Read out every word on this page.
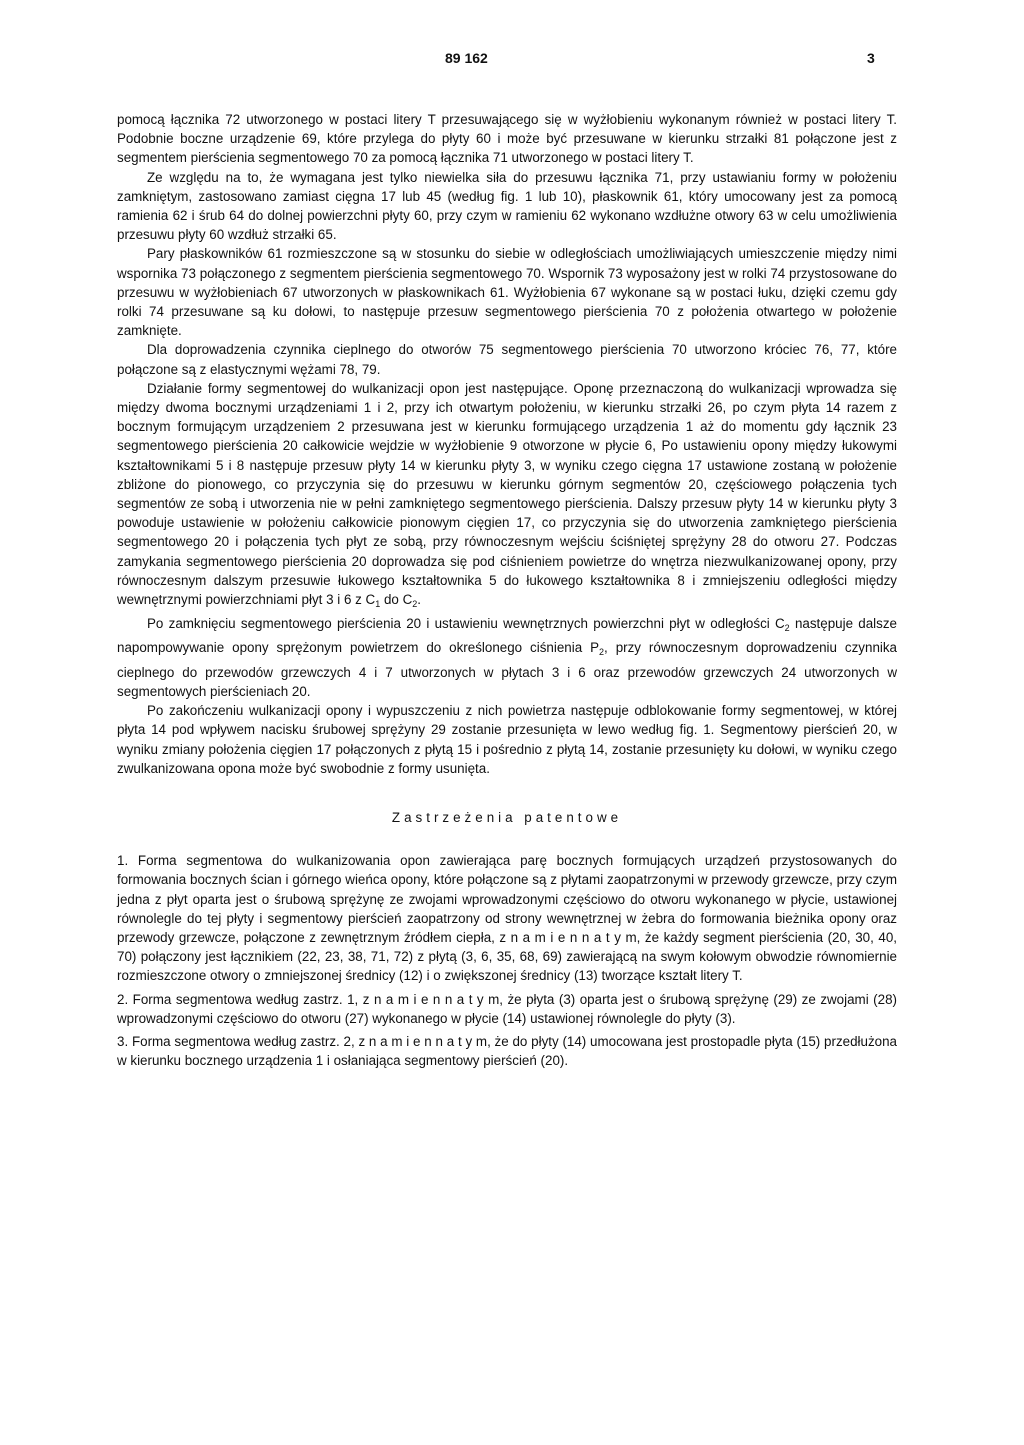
89 162	3

pomocą łącznika 72 utworzonego w postaci litery T przesuwającego się w wyżłobieniu wykonanym również w postaci litery T. Podobnie boczne urządzenie 69, które przylega do płyty 60 i może być przesuwane w kierunku strzałki 81 połączone jest z segmentem pierścienia segmentowego 70 za pomocą łącznika 71 utworzonego w postaci litery T.

Ze względu na to, że wymagana jest tylko niewielka siła do przesuwu łącznika 71, przy ustawianiu formy w położeniu zamkniętym, zastosowano zamiast cięgna 17 lub 45 (według fig. 1 lub 10), płaskownik 61, który umocowany jest za pomocą ramienia 62 i śrub 64 do dolnej powierzchni płyty 60, przy czym w ramieniu 62 wykonano wzdłużne otwory 63 w celu umożliwienia przesuwu płyty 60 wzdłuż strzałki 65.

Pary płaskowników 61 rozmieszczone są w stosunku do siebie w odległościach umożliwiających umieszczenie między nimi wspornika 73 połączonego z segmentem pierścienia segmentowego 70. Wspornik 73 wyposażony jest w rolki 74 przystosowane do przesuwu w wyżłobieniach 67 utworzonych w płaskownikach 61. Wyżłobienia 67 wykonane są w postaci łuku, dzięki czemu gdy rolki 74 przesuwane są ku dołowi, to następuje przesuw segmentowego pierścienia 70 z położenia otwartego w położenie zamknięte.

Dla doprowadzenia czynnika cieplnego do otworów 75 segmentowego pierścienia 70 utworzono króciec 76, 77, które połączone są z elastycznymi wężami 78, 79.

Działanie formy segmentowej do wulkanizacji opon jest następujące. Oponę przeznaczoną do wulkanizacji wprowadza się między dwoma bocznymi urządzeniami 1 i 2, przy ich otwartym położeniu, w kierunku strzałki 26, po czym płyta 14 razem z bocznym formującym urządzeniem 2 przesuwana jest w kierunku formującego urządzenia 1 aż do momentu gdy łącznik 23 segmentowego pierścienia 20 całkowicie wejdzie w wyżłobienie 9 otworzone w płycie 6, Po ustawieniu opony między łukowymi kształtownikami 5 i 8 następuje przesuw płyty 14 w kierunku płyty 3, w wyniku czego cięgna 17 ustawione zostaną w położenie zbliżone do pionowego, co przyczynia się do przesuwu w kierunku górnym segmentów 20, częściowego połączenia tych segmentów ze sobą i utworzenia nie w pełni zamkniętego segmentowego pierścienia. Dalszy przesuw płyty 14 w kierunku płyty 3 powoduje ustawienie w położeniu całkowicie pionowym cięgien 17, co przyczynia się do utworzenia zamkniętego pierścienia segmentowego 20 i połączenia tych płyt ze sobą, przy równoczesnym wejściu ściśniętej sprężyny 28 do otworu 27. Podczas zamykania segmentowego pierścienia 20 doprowadza się pod ciśnieniem powietrze do wnętrza niezwulkanizowanej opony, przy równoczesnym dalszym przesuwie łukowego kształtownika 5 do łukowego kształtownika 8 i zmniejszeniu odległości między wewnętrznymi powierzchniami płyt 3 i 6 z $C_1$ do $C_2$.

Po zamknięciu segmentowego pierścienia 20 i ustawieniu wewnętrznych powierzchni płyt w odległości $C_2$ następuje dalsze napompowywanie opony sprężonym powietrzem do określonego ciśnienia $P_2$, przy równoczesnym doprowadzeniu czynnika cieplnego do przewodów grzewczych 4 i 7 utworzonych w płytach 3 i 6 oraz przewodów grzewczych 24 utworzonych w segmentowych pierścieniach 20.

Po zakończeniu wulkanizacji opony i wypuszczeniu z nich powietrza następuje odblokowanie formy segmentowej, w której płyta 14 pod wpływem nacisku śrubowej sprężyny 29 zostanie przesunięta w lewo według fig. 1. Segmentowy pierścień 20, w wyniku zmiany położenia cięgien 17 połączonych z płytą 15 i pośrednio z płytą 14, zostanie przesunięty ku dołowi, w wyniku czego zwulkanizowana opona może być swobodnie z formy usunięta.

Zastrzeżenia patentowe

1. Forma segmentowa do wulkanizowania opon zawierająca parę bocznych formujących urządzeń przystosowanych do formowania bocznych ścian i górnego wieńca opony, które połączone są z płytami zaopatrzonymi w przewody grzewcze, przy czym jedna z płyt oparta jest o śrubową sprężynę ze zwojami wprowadzonymi częściowo do otworu wykonanego w płycie, ustawionej równolegle do tej płyty i segmentowy pierścień zaopatrzony od strony wewnętrznej w żebra do formowania bieżnika opony oraz przewody grzewcze, połączone z zewnętrznym źródłem ciepła, z n a m i e n n a t y m, że każdy segment pierścienia (20, 30, 40, 70) połączony jest łącznikiem (22, 23, 38, 71, 72) z płytą (3, 6, 35, 68, 69) zawierającą na swym kołowym obwodzie równomiernie rozmieszczone otwory o zmniejszonej średnicy (12) i o zwiększonej średnicy (13) tworzące kształt litery T.

2. Forma segmentowa według zastrz. 1, z n a m i e n n a t y m, że płyta (3) oparta jest o śrubową sprężynę (29) ze zwojami (28) wprowadzonymi częściowo do otworu (27) wykonanego w płycie (14) ustawionej równolegle do płyty (3).

3. Forma segmentowa według zastrz. 2, z n a m i e n n a t y m, że do płyty (14) umocowana jest prostopadle płyta (15) przedłużona w kierunku bocznego urządzenia 1 i osłaniająca segmentowy pierścień (20).
